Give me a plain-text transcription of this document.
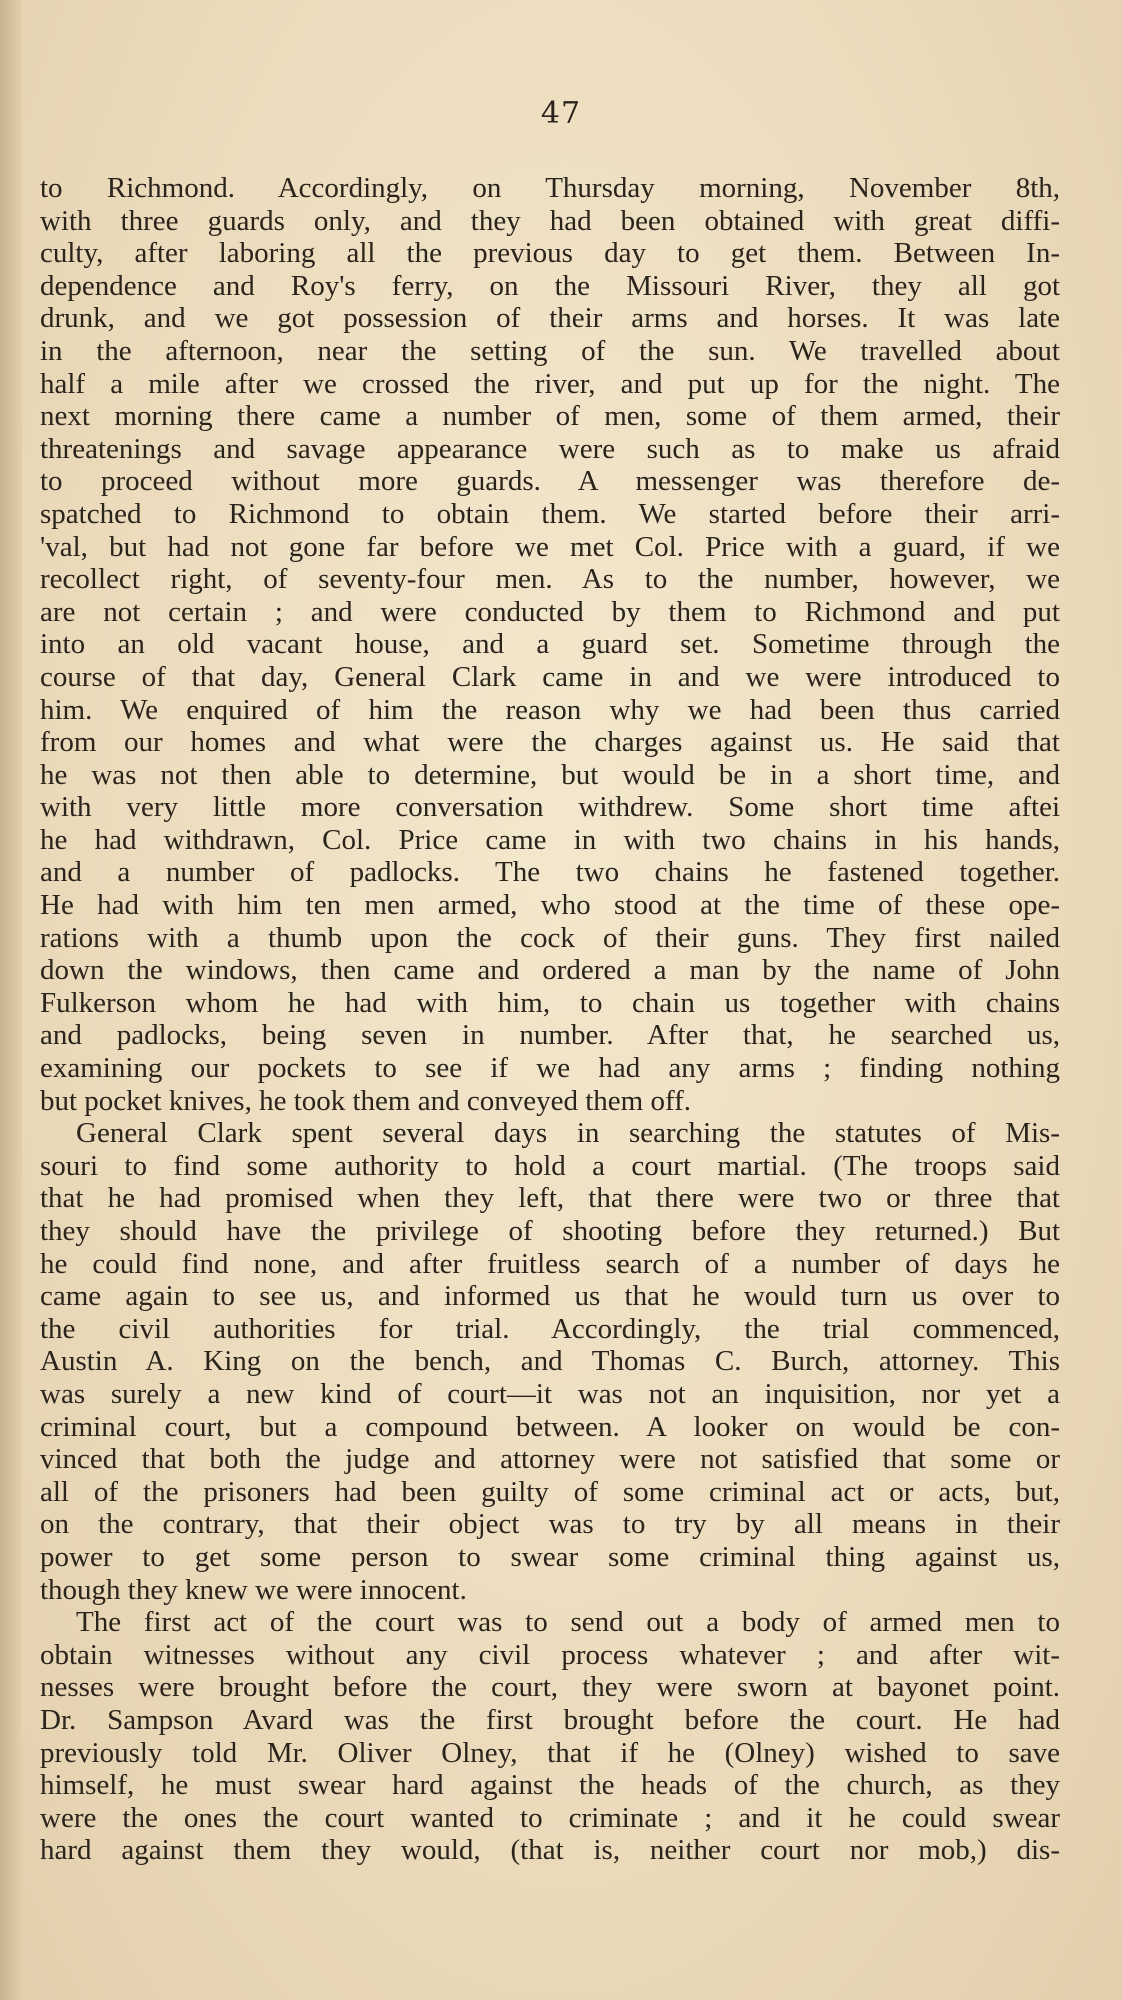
47
to Richmond. Accordingly, on Thursday morning, November 8th,
with three guards only, and they had been obtained with great diffi-
culty, after laboring all the previous day to get them. Between In-
dependence and Roy's ferry, on the Missouri River, they all got
drunk, and we got possession of their arms and horses. It was late
in the afternoon, near the setting of the sun. We travelled about
half a mile after we crossed the river, and put up for the night. The
next morning there came a number of men, some of them armed, their
threatenings and savage appearance were such as to make us afraid
to proceed without more guards. A messenger was therefore de-
spatched to Richmond to obtain them. We started before their arri-
'val, but had not gone far before we met Col. Price with a guard, if we
recollect right, of seventy-four men. As to the number, however, we
are not certain ; and were conducted by them to Richmond and put
into an old vacant house, and a guard set. Sometime through the
course of that day, General Clark came in and we were introduced to
him. We enquired of him the reason why we had been thus carried
from our homes and what were the charges against us. He said that
he was not then able to determine, but would be in a short time, and
with very little more conversation withdrew. Some short time aftei
he had withdrawn, Col. Price came in with two chains in his hands,
and a number of padlocks. The two chains he fastened together.
He had with him ten men armed, who stood at the time of these ope-
rations with a thumb upon the cock of their guns. They first nailed
down the windows, then came and ordered a man by the name of John
Fulkerson whom he had with him, to chain us together with chains
and padlocks, being seven in number. After that, he searched us,
examining our pockets to see if we had any arms ; finding nothing
but pocket knives, he took them and conveyed them off.
General Clark spent several days in searching the statutes of Mis-
souri to find some authority to hold a court martial. (The troops said
that he had promised when they left, that there were two or three that
they should have the privilege of shooting before they returned.) But
he could find none, and after fruitless search of a number of days he
came again to see us, and informed us that he would turn us over to
the civil authorities for trial. Accordingly, the trial commenced,
Austin A. King on the bench, and Thomas C. Burch, attorney. This
was surely a new kind of court—it was not an inquisition, nor yet a
criminal court, but a compound between. A looker on would be con-
vinced that both the judge and attorney were not satisfied that some or
all of the prisoners had been guilty of some criminal act or acts, but,
on the contrary, that their object was to try by all means in their
power to get some person to swear some criminal thing against us,
though they knew we were innocent.
The first act of the court was to send out a body of armed men to
obtain witnesses without any civil process whatever ; and after wit-
nesses were brought before the court, they were sworn at bayonet point.
Dr. Sampson Avard was the first brought before the court. He had
previously told Mr. Oliver Olney, that if he (Olney) wished to save
himself, he must swear hard against the heads of the church, as they
were the ones the court wanted to criminate ; and it he could swear
hard against them they would, (that is, neither court nor mob,) dis-
